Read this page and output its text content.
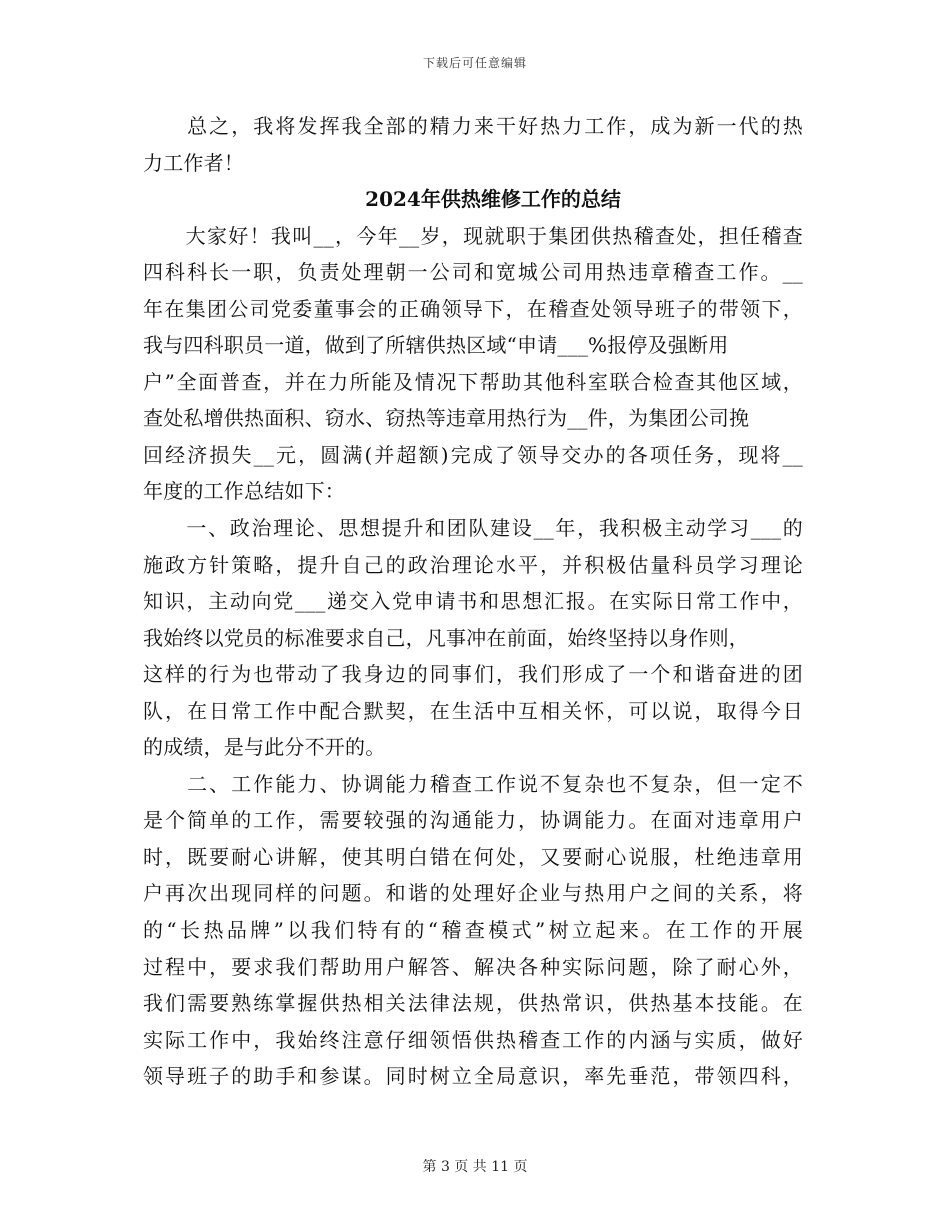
下载后可任意编辑
　　总之，我将发挥我全部的精力来干好热力工作，成为新一代的热
力工作者！
2024年供热维修工作的总结
　　大家好！我叫__，今年__岁，现就职于集团供热稽查处，担任稽查
四科科长一职，负责处理朝一公司和宽城公司用热违章稽查工作。__
年在集团公司党委董事会的正确领导下，在稽查处领导班子的带领下，
我与四科职员一道，做到了所辖供热区域“申请___%报停及强断用
户”全面普查，并在力所能及情况下帮助其他科室联合检查其他区域，
查处私增供热面积、窃水、窃热等违章用热行为__件，为集团公司挽
回经济损失__元，圆满(并超额)完成了领导交办的各项任务，现将__
年度的工作总结如下：
　　一、政治理论、思想提升和团队建设__年，我积极主动学习___的
施政方针策略，提升自己的政治理论水平，并积极估量科员学习理论
知识，主动向党___递交入党申请书和思想汇报。在实际日常工作中，
我始终以党员的标准要求自己，凡事冲在前面，始终坚持以身作则，
这样的行为也带动了我身边的同事们，我们形成了一个和谐奋进的团
队，在日常工作中配合默契，在生活中互相关怀，可以说，取得今日
的成绩，是与此分不开的。
　　二、工作能力、协调能力稽查工作说不复杂也不复杂，但一定不
是个简单的工作，需要较强的沟通能力，协调能力。在面对违章用户
时，既要耐心讲解，使其明白错在何处，又要耐心说服，杜绝违章用
户再次出现同样的问题。和谐的处理好企业与热用户之间的关系，将
的“长热品牌”以我们特有的“稽查模式”树立起来。在工作的开展
过程中，要求我们帮助用户解答、解决各种实际问题，除了耐心外，
我们需要熟练掌握供热相关法律法规，供热常识，供热基本技能。在
实际工作中，我始终注意仔细领悟供热稽查工作的内涵与实质，做好
领导班子的助手和参谋。同时树立全局意识，率先垂范，带领四科，
第 3 页 共 11 页
